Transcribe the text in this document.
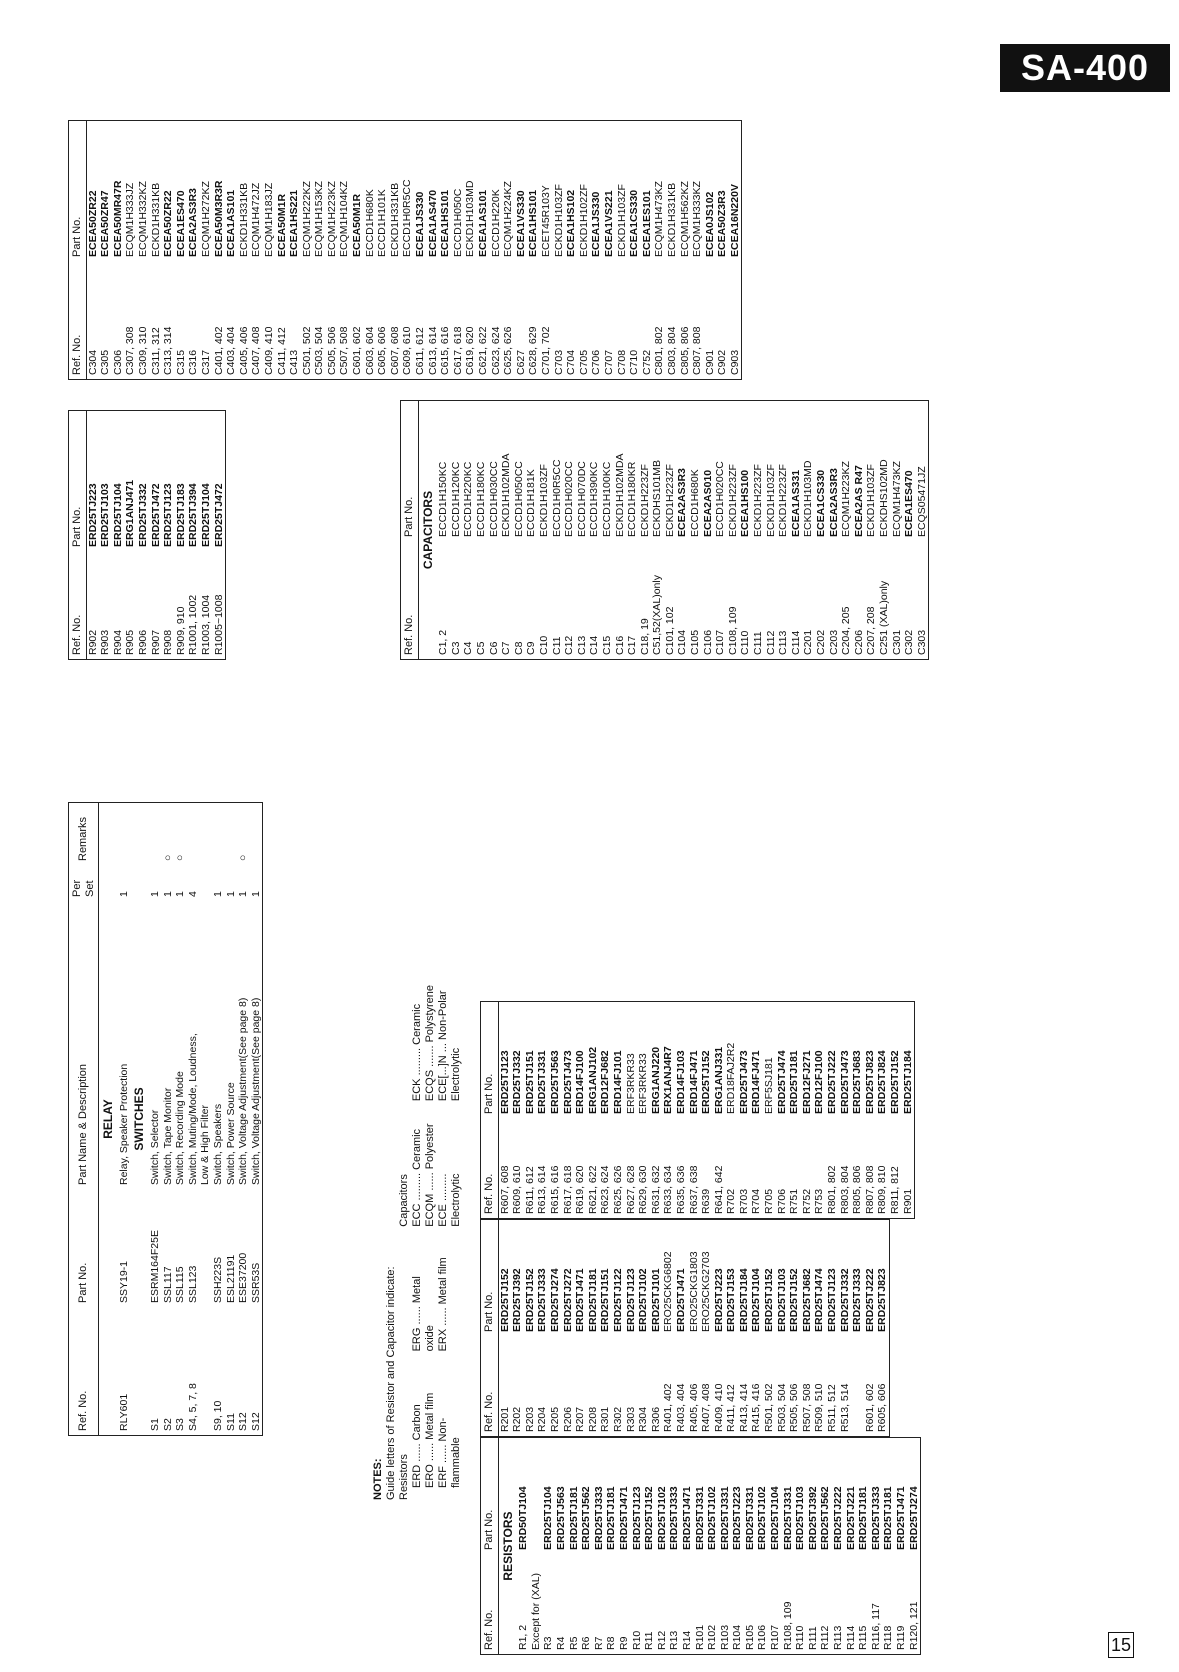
SA-400
Ref. No.	Part No.	Part Name & Description	Per Set	Remarks
RELAY				
RLY601	SSY19-1	Relay, Speaker Protection	1	
SWITCHES				
S1	ESRM164F25E	Switch, Selector	1	
S2	SSL117	Switch, Tape Monitor	1	○
S3	SSL115	Switch, Recording Mode	1	○
S4, 5, 7, 8	SSL123	Switch, Muting/Mode, Loudness,	4	
		Low & High Filter		
S9, 10	SSH223S	Switch, Speakers	1	
S11	ESL21191	Switch, Power Source	1	
S12	ESE37200	Switch, Voltage Adjustment(See page 8)	1	○
S12	SSR53S	Switch, Voltage Adjustment(See page 8)	1	
NOTES: Guide letters of Resistor and Capacitor indicate: Resistors ERD ...... Carbon ERO ...... Metal film ERF ...... Non-flammable
ERG ...... Metal oxide ERX ...... Metal film
Capacitors ECC ......... Ceramic ECQM ...... Polyester ECE ......... Electrolytic
ECK ......... Ceramic ECQS ....... Polystyrene ECE[...]N ... Non-Polar Electrolytic
Ref. No.	Part No.
RESISTORS	
R1, 2	ERD50TJ104
Except for (XAL)	
R3	ERD25TJ104
R4	ERD25TJ563
R5	ERD25TJ181
R6	ERD25TJ562
R7	ERD25TJ333
R8	ERD25TJ181
R9	ERD25TJ471
R10	ERD25TJ123
R11	ERD25TJ152

R12	ERD25TJ102
R13	ERD25TJ333
R14	ERD25TJ471
R101	ERD25TJ331
R102	ERD25TJ102
R103	ERD25TJ331
R104	ERD25TJ223
R105	ERD25TJ331
R106	ERD25TJ102
R107	ERD25TJ104

R108, 109	ERD25TJ331
R110	ERD25TJ103
R111	ERD25TJ392

R112	ERD25TJ562
R113	ERD25TJ222
R114	ERD25TJ221
R115	ERD25TJ181
R116, 117	ERD25TJ333
R118	ERD25TJ181
R119	ERD25TJ471
R120, 121	ERD25TJ274
Ref. No.	Part No.
R201	ERD25TJ152
R202	ERD25TJ392
R203	ERD25TJ152
R204	ERD25TJ333
R205	ERD25TJ274
R206	ERD25TJ272
R207	ERD25TJ471
R208	ERD25TJ181
R301	ERD25TJ151

R302	ERD25TJ122
R303	ERD25TJ123
R304	ERD25TJ102
R306	ERD25TJ101
R401, 402	ERO25CKG6802
R403, 404	ERD25TJ471
R405, 406	ERO25CKG1803
R407, 408	ERO25CKG2703
R409, 410	ERD25TJ223

R411, 412	ERD25TJ153
R413, 414	ERD25TJ184
R415, 416	ERD25TJ104
R501, 502	ERD25TJ152
R503, 504	ERD25TJ103
R505, 506	ERD25TJ152
R507, 508	ERD25TJ682
R509, 510	ERD25TJ474
R511, 512	ERD25TJ123
R513, 514	ERD25TJ332
	ERD25TJ333
R601, 602	ERD25TJ222
R605, 606	ERD25TJ823
Ref. No.	Part No.
R607, 608	ERD25TJ123
R609, 610	ERD25TJ332
R611, 612	ERD25TJ151
R613, 614	ERD25TJ331
R615, 616	ERD25TJ563
R617, 618	ERD25TJ473
R619, 620	ERD14FJ100
R621, 622	ERG1ANJ102

R623, 624	ERD12FJ682
R625, 626	ERD14FJ101
R627, 628	ERF3RKR33
R629, 630	ERF3RKR33
R631, 632	ERG1ANJ220
R633, 634	ERX1ANJ4R7
R635, 636	ERD14FJ103
R637, 638	ERD14FJ471
R639	ERD25TJ152
R641, 642	ERG1ANJ331
R702	ERD18FAJ2R2
R703	ERD25TJ473
R704	ERD14FJ471
R705	ERF5SJ181

R706	ERD25TJ474
R751	ERD25TJ181
R752	ERD12FJ271
R753	ERD12FJ100
R801, 802	ERD25TJ222
R803, 804	ERD25TJ473
R805, 806	ERD25TJ683
R807, 808	ERD25TJ823
R809, 810	ERD25TJ824
R811, 812	ERD25TJ152
R901	ERD25TJ184
Ref. No.	Part No.
R902	ERD25TJ223
R903	ERD25TJ103
R904	ERD25TJ104
R905	ERG1ANJ471
R906	ERD25TJ332
R907	ERD25TJ472
R908	ERD25TJ123
R909, 910	ERD25TJ183
R1001, 1002	ERD25TJ394
R1003, 1004	ERD25TJ104
R1005~1008	ERD25TJ472
Ref. No.	Part No.
CAPACITORS	
C1, 2	ECCD1H150KC
C3	ECCD1H120KC
C4	ECCD1H220KC
C5	ECCD1H180KC
C6	ECCD1H030CC
C7	ECKD1H102MDA
C8	ECCD1H050CC
C9	ECCD1H181K
C10	ECKD1H103ZF
C11	ECCD1H0R5CC
C12	ECCD1H020CC
C13	ECCD1H070DC
C14	ECCD1H390KC
C15	ECCD1H100KC
C16	ECKD1H102MDA
C17	ECCD1H180KR
C18, 19	ECKD1H223ZF
C51,52(XAL)only	ECKDHS101MB
C101, 102	ECKD1H223ZF
C104	ECEA2AS3R3
C105	ECCD1H680K
C106	ECEA2AS010
C107	ECCD1H020CC
C108, 109	ECKD1H223ZF
C110	ECEA1HS100
C111	ECKD1H223ZF
C112	ECKD1H103ZF
C113	ECKD1H223ZF
C114	ECEA1AS331

C201	ECKD1H103MD
C202	ECEA1CS330
C203	ECEA2AS3R3
C204, 205	ECQM1H223KZ
C206	ECEA2AS R47
C207, 208	ECKD1H103ZF
C251 (XAL)only	ECKDHS102MD
C301	ECQM1H473KZ
C302	ECEA1ES470
C303	ECQS05471JZ
Ref. No.	Part No.
C304	ECEA50ZR22
C305	ECEA50ZR47
C306	ECEA50MR47R
C307, 308	ECQM1H333JZ
C309, 310	ECQM1H332KZ
C311, 312	ECKD1H331KB
C313, 314	ECEA50ZR22
C315	ECEA1ES470
C316	ECEA2AS3R3
C317	ECQM1H272KZ
C401, 402	ECEA50M3R3R

C403, 404	ECEA1AS101
C405, 406	ECKD1H331KB
C407, 408	ECQM1H472JZ
C409, 410	ECQM1H183JZ
C411, 412	ECEA50M1R
C413	ECEA1HS221
C501, 502	ECQM1H222KZ
C503, 504	ECQM1H153KZ
C505, 506	ECQM1H223KZ
C507, 508	ECQM1H104KZ

C601, 602	ECEA50M1R
C603, 604	ECCD1H680K
C605, 606	ECCD1H101K
C607, 608	ECKD1H331KB
C609, 610	ECCD1H0R5CC
C611, 612	ECEA1JS330
C613, 614	ECEA1AS470
C615, 616	ECEA1HS101
C617, 618	ECCD1H050C
C619, 620	ECKD1H103MD

C621, 622	ECEA1AS101
C623, 624	ECCD1H220K
C625, 626	ECQM1H224KZ
C627	ECEA1VS330
C628, 629	ECEA1HS101
C701, 702	ECET45R103Y
C703	ECKD1H103ZF
C704	ECEA1HS102
C705	ECKD1H102ZF
C706	ECEA1JS330
C707	ECEA1VS221
C708	ECKD1H103ZF
C710	ECEA1CS330

C752	ECEA1ES101
C801, 802	ECQM1H473KZ

C803, 804	ECKD1H331KB
C805, 806	ECQM1H562KZ
C807, 808	ECQM1H333KZ
C901	ECEA0JS102
C902	ECEA50Z3R3
C903	ECEA16N220V
15
